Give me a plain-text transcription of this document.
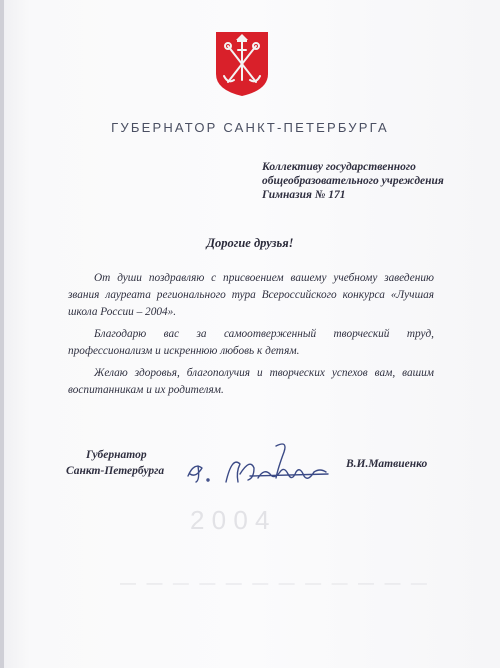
2 0 0 4
— — — — — — — — — — — —
ГУБЕРНАТОР САНКТ-ПЕТЕРБУРГА
Коллективу государственного
общеобразовательного учреждения
Гимназия № 171
Дорогие друзья!

От души поздравляю с присвоением вашему учебному заведению звания лауреата регионального тура Всероссийского конкурса «Лучшая школа России – 2004».

Благодарю вас за самоотверженный творческий труд, профессионализм и искреннюю любовь к детям.

Желаю здоровья, благополучия и творческих успехов вам, вашим воспитанникам и их родителям.

Губернатор
Санкт-Петербурга
В.И.Матвиенко
